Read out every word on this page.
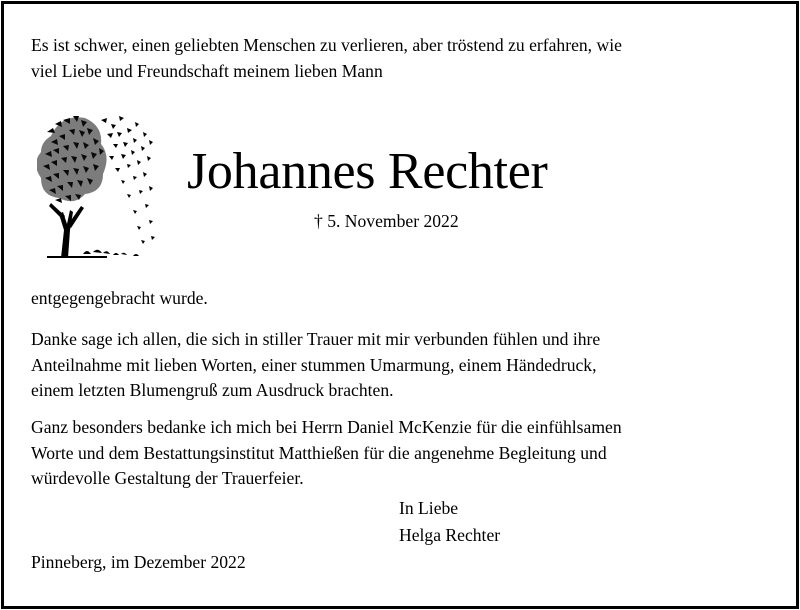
Es ist schwer, einen geliebten Menschen zu verlieren, aber tröstend zu erfahren, wie
viel Liebe und Freundschaft meinem lieben Mann

Johannes Rechter
† 5. November 2022
entgegengebracht wurde.

Danke sage ich allen, die sich in stiller Trauer mit mir verbunden fühlen und ihre
Anteilnahme mit lieben Worten, einer stummen Umarmung, einem Händedruck,
einem letzten Blumengruß zum Ausdruck brachten.

Ganz besonders bedanke ich mich bei Herrn Daniel McKenzie für die einfühlsamen
Worte und dem Bestattungsinstitut Matthießen für die angenehme Begleitung und
würdevolle Gestaltung der Trauerfeier.

In Liebe
Helga Rechter
Pinneberg, im Dezember 2022
